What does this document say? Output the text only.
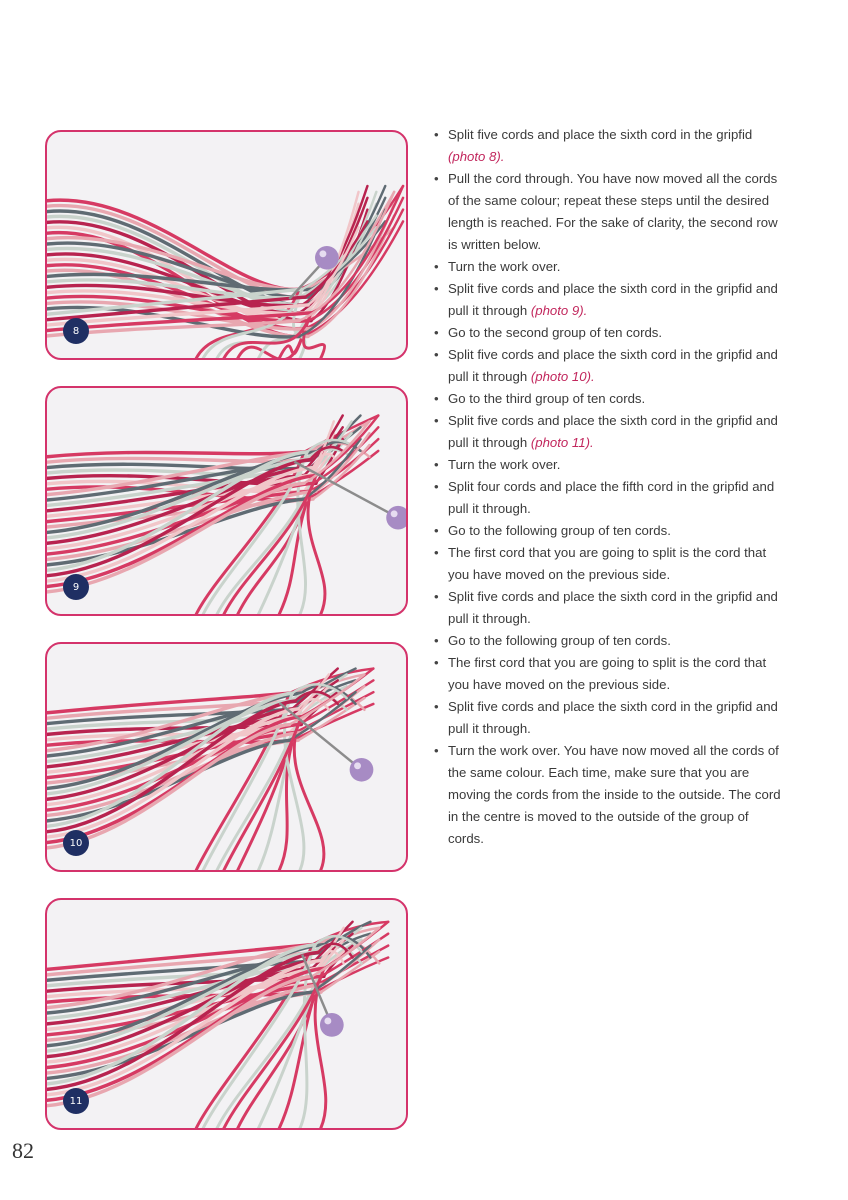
8
9
10
11
• Split five cords and place the sixth cord in the gripfid (photo 8).
• Pull the cord through. You have now moved all the cords of the same colour; repeat these steps until the desired length is reached. For the sake of clarity, the second row is written below.
• Turn the work over.
• Split five cords and place the sixth cord in the gripfid and pull it through (photo 9).
• Go to the second group of ten cords.
• Split five cords and place the sixth cord in the gripfid and pull it through (photo 10).
• Go to the third group of ten cords.
• Split five cords and place the sixth cord in the gripfid and pull it through (photo 11).
• Turn the work over.
• Split four cords and place the fifth cord in the gripfid and pull it through.
• Go to the following group of ten cords.
• The first cord that you are going to split is the cord that you have moved on the previous side.
• Split five cords and place the sixth cord in the gripfid and pull it through.
• Go to the following group of ten cords.
• The first cord that you are going to split is the cord that you have moved on the previous side.
• Split five cords and place the sixth cord in the gripfid and pull it through.
• Turn the work over. You have now moved all the cords of the same colour. Each time, make sure that you are moving the cords from the inside to the outside. The cord in the centre is moved to the outside of the group of cords.
82
